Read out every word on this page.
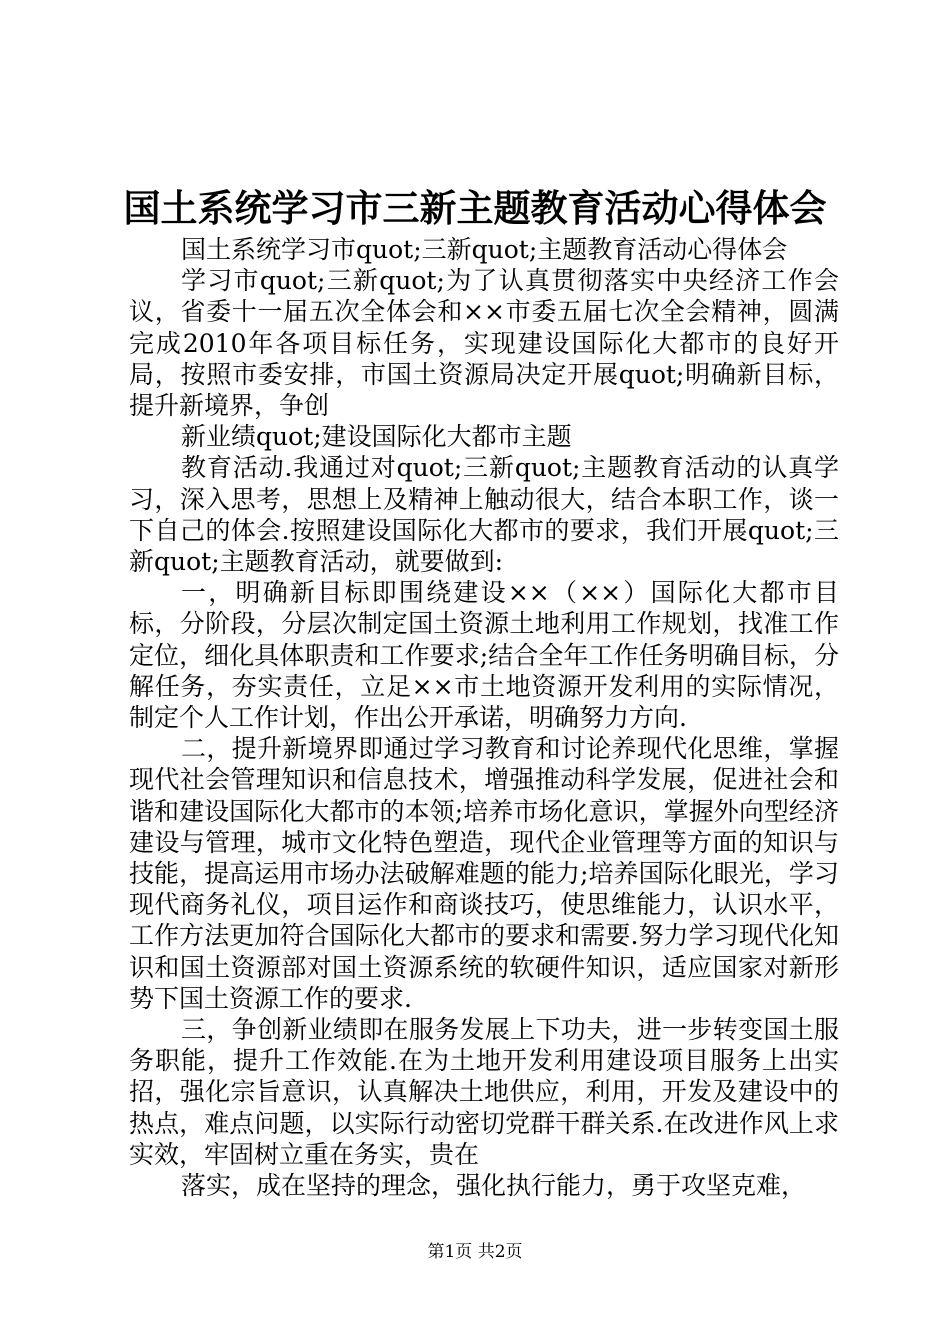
国土系统学习市三新主题教育活动心得体会

国土系统学习市quot;三新quot;主题教育活动心得体会

学习市quot;三新quot;为了认真贯彻落实中央经济工作会议，省委十一届五次全体会和××市委五届七次全会精神，圆满完成2010年各项目标任务，实现建设国际化大都市的良好开局，按照市委安排，市国土资源局决定开展quot;明确新目标，提升新境界，争创

新业绩quot;建设国际化大都市主题

教育活动.我通过对quot;三新quot;主题教育活动的认真学习，深入思考，思想上及精神上触动很大，结合本职工作，谈一下自己的体会.按照建设国际化大都市的要求，我们开展quot;三新quot;主题教育活动，就要做到:

一，明确新目标即围绕建设××（××）国际化大都市目标，分阶段，分层次制定国土资源土地利用工作规划，找准工作定位，细化具体职责和工作要求;结合全年工作任务明确目标，分解任务，夯实责任，立足××市土地资源开发利用的实际情况，制定个人工作计划，作出公开承诺，明确努力方向.

二，提升新境界即通过学习教育和讨论养现代化思维，掌握现代社会管理知识和信息技术，增强推动科学发展，促进社会和谐和建设国际化大都市的本领;培养市场化意识，掌握外向型经济建设与管理，城市文化特色塑造，现代企业管理等方面的知识与技能，提高运用市场办法破解难题的能力;培养国际化眼光，学习现代商务礼仪，项目运作和商谈技巧，使思维能力，认识水平，工作方法更加符合国际化大都市的要求和需要.努力学习现代化知识和国土资源部对国土资源系统的软硬件知识，适应国家对新形势下国土资源工作的要求.

三，争创新业绩即在服务发展上下功夫，进一步转变国土服务职能，提升工作效能.在为土地开发利用建设项目服务上出实招，强化宗旨意识，认真解决土地供应，利用，开发及建设中的热点，难点问题，以实际行动密切党群干群关系.在改进作风上求实效，牢固树立重在务实，贵在

落实，成在坚持的理念，强化执行能力，勇于攻坚克难，

第1页 共2页
